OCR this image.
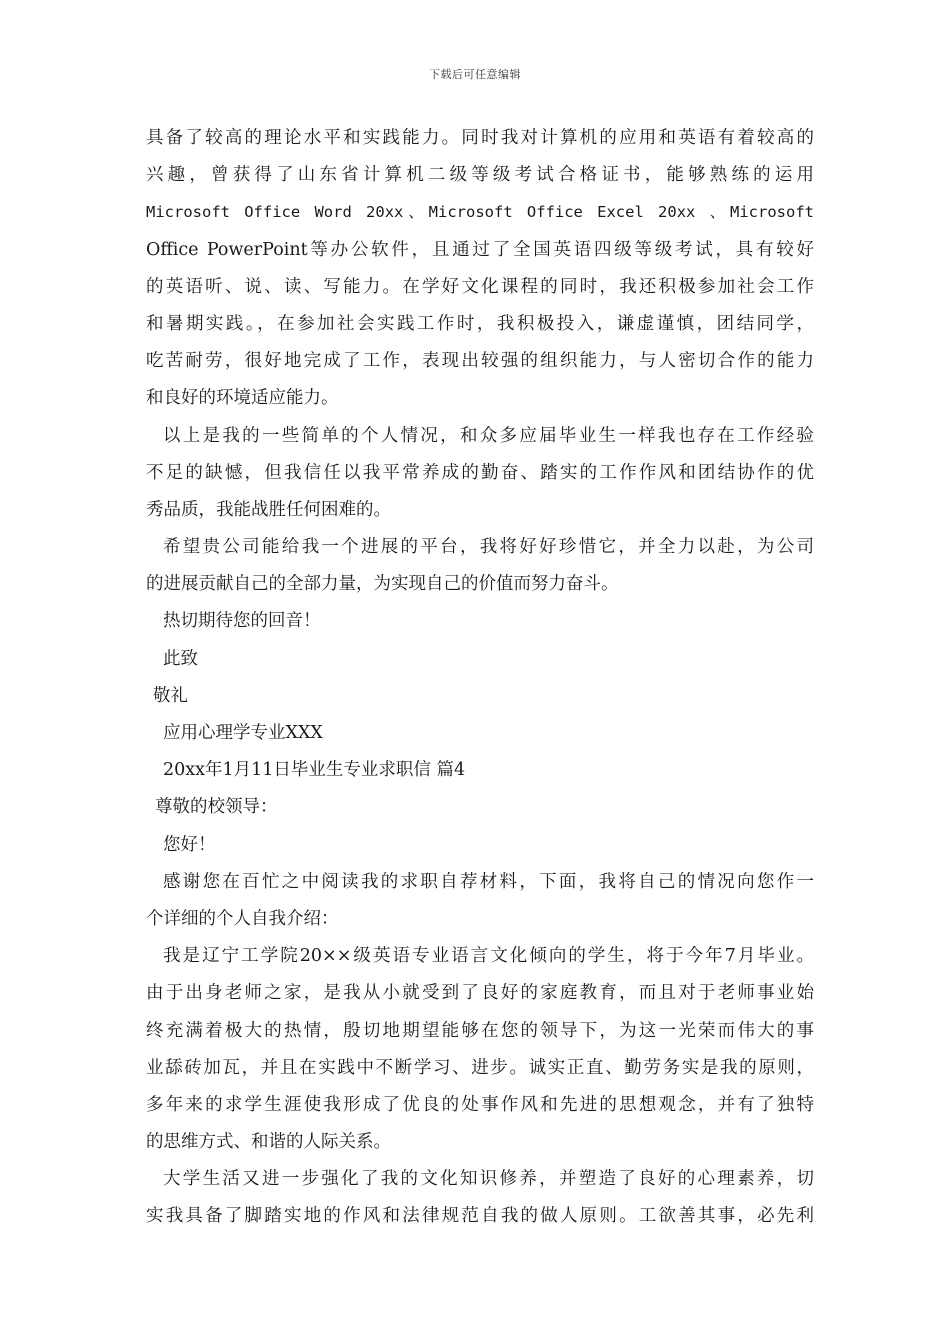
下载后可任意编辑
具备了较高的理论水平和实践能力。同时我对计算机的应用和英语有着较高的
兴趣，曾获得了山东省计算机二级等级考试合格证书，能够熟练的运用
Microsoft Office Word 20xx、Microsoft Office Excel 20xx 、Microsoft
Office PowerPoint等办公软件，且通过了全国英语四级等级考试，具有较好
的英语听、说、读、写能力。在学好文化课程的同时，我还积极参加社会工作
和暑期实践。，在参加社会实践工作时，我积极投入，谦虚谨慎，团结同学，
吃苦耐劳，很好地完成了工作，表现出较强的组织能力，与人密切合作的能力
和良好的环境适应能力。
以上是我的一些简单的个人情况，和众多应届毕业生一样我也存在工作经验
不足的缺憾，但我信任以我平常养成的勤奋、踏实的工作作风和团结协作的优
秀品质，我能战胜任何困难的。
希望贵公司能给我一个进展的平台，我将好好珍惜它，并全力以赴，为公司
的进展贡献自己的全部力量，为实现自己的价值而努力奋斗。
热切期待您的回音！
此致
敬礼
应用心理学专业XXX
20xx年1月11日毕业生专业求职信 篇4
尊敬的校领导：
您好！
感谢您在百忙之中阅读我的求职自荐材料，下面，我将自己的情况向您作一
个详细的个人自我介绍：
我是辽宁工学院20××级英语专业语言文化倾向的学生，将于今年7月毕业。
由于出身老师之家，是我从小就受到了良好的家庭教育，而且对于老师事业始
终充满着极大的热情，殷切地期望能够在您的领导下，为这一光荣而伟大的事
业舔砖加瓦，并且在实践中不断学习、进步。诚实正直、勤劳务实是我的原则，
多年来的求学生涯使我形成了优良的处事作风和先进的思想观念，并有了独特
的思维方式、和谐的人际关系。
大学生活又进一步强化了我的文化知识修养，并塑造了良好的心理素养，切
实我具备了脚踏实地的作风和法律规范自我的做人原则。工欲善其事，必先利
